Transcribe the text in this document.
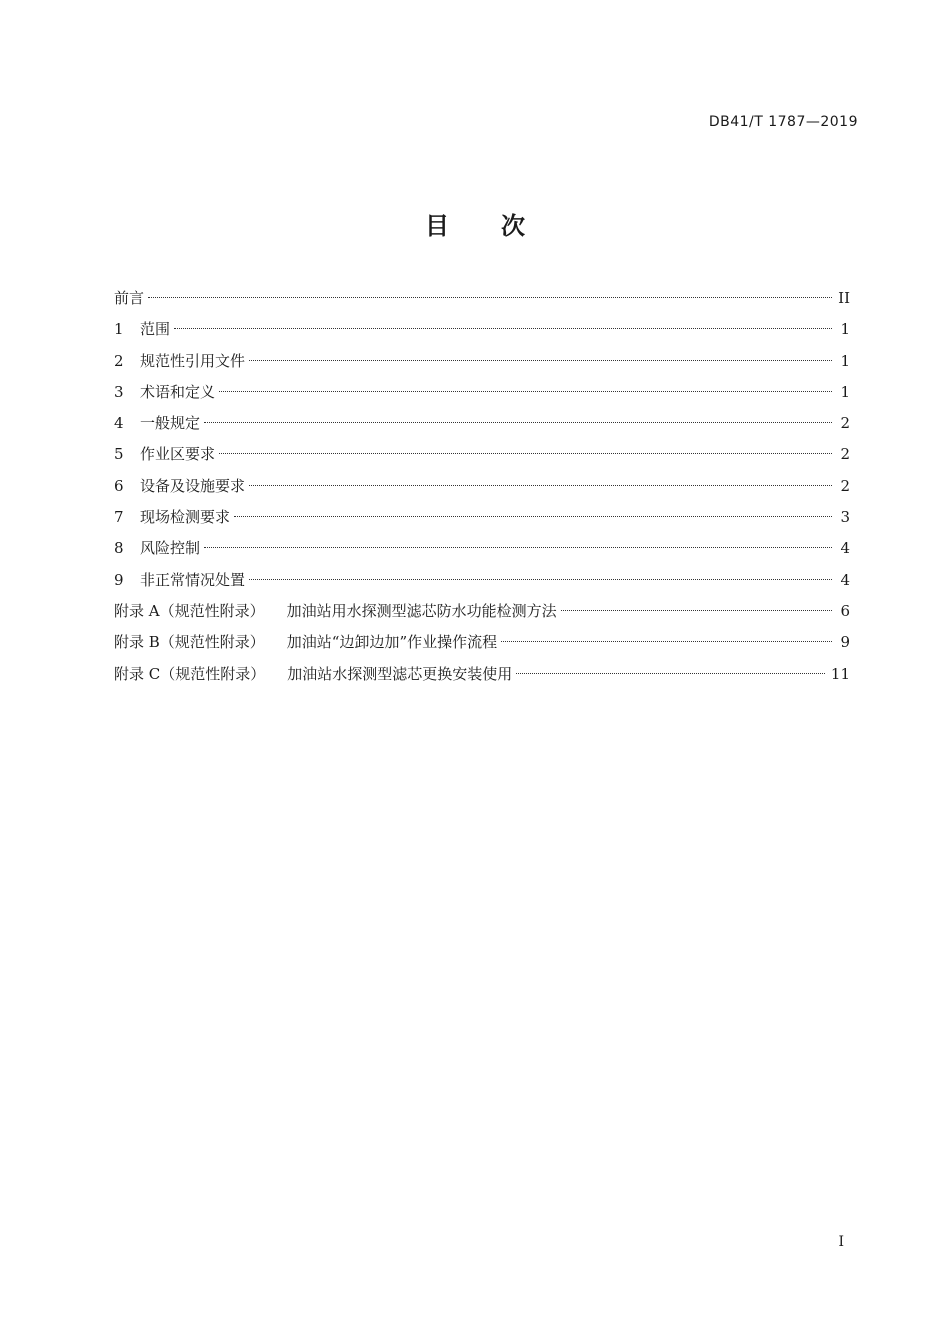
DB41/T 1787—2019
目 次
前言	II
1	范围	1
2	规范性引用文件	1
3	术语和定义	1
4	一般规定	2
5	作业区要求	2
6	设备及设施要求	2
7	现场检测要求	3
8	风险控制	4
9	非正常情况处置	4
附录 A（规范性附录） 加油站用水探测型滤芯防水功能检测方法	6
附录 B（规范性附录） 加油站“边卸边加”作业操作流程	9
附录 C（规范性附录） 加油站水探测型滤芯更换安装使用	11
I
